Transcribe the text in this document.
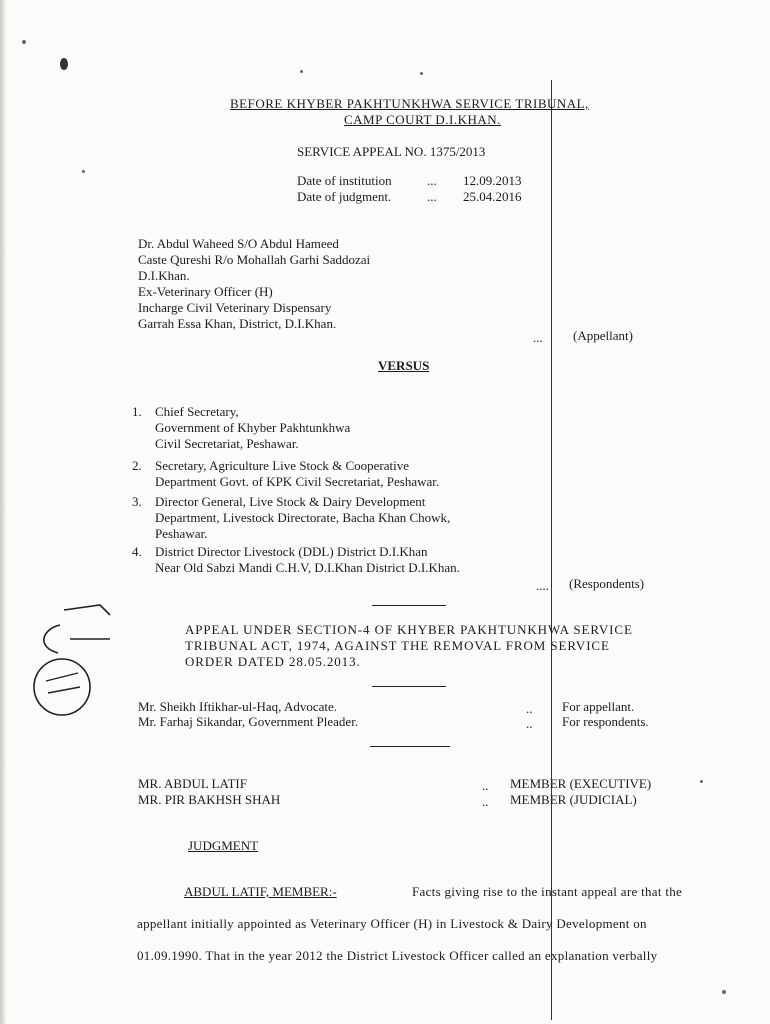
BEFORE KHYBER PAKHTUNKHWA SERVICE TRIBUNAL,
CAMP COURT D.I.KHAN.
SERVICE APPEAL NO. 1375/2013
Date of institution	... 12.09.2013
Date of judgment.	... 25.04.2016
Dr. Abdul Waheed S/O Abdul Hameed
Caste Qureshi R/o Mohallah Garhi Saddozai
D.I.Khan.
Ex-Veterinary Officer (H)
Incharge Civil Veterinary Dispensary
Garrah Essa Khan, District, D.I.Khan.
... (Appellant)
VERSUS
1.	Chief Secretary,
Government of Khyber Pakhtunkhwa
Civil Secretariat, Peshawar.
2.	Secretary, Agriculture Live Stock & Cooperative
Department Govt. of KPK Civil Secretariat, Peshawar.
3.	Director General, Live Stock & Dairy Development
Department, Livestock Directorate, Bacha Khan Chowk,
Peshawar.
4.	District Director Livestock (DDL) District D.I.Khan
Near Old Sabzi Mandi C.H.V, D.I.Khan District D.I.Khan.
.... (Respondents)
APPEAL UNDER SECTION-4 OF KHYBER PAKHTUNKHWA SERVICE
TRIBUNAL ACT, 1974, AGAINST THE REMOVAL FROM SERVICE
ORDER DATED 28.05.2013.
Mr. Sheikh Iftikhar-ul-Haq, Advocate.	.. For appellant.
Mr. Farhaj Sikandar, Government Pleader.	.. For respondents.
MR. ABDUL LATIF	.. MEMBER (EXECUTIVE)
MR. PIR BAKHSH SHAH	.. MEMBER (JUDICIAL)
JUDGMENT
ABDUL LATIF, MEMBER:-	Facts giving rise to the instant appeal are that the
appellant initially appointed as Veterinary Officer (H) in Livestock & Dairy Development on
01.09.1990. That in the year 2012 the District Livestock Officer called an explanation verbally
